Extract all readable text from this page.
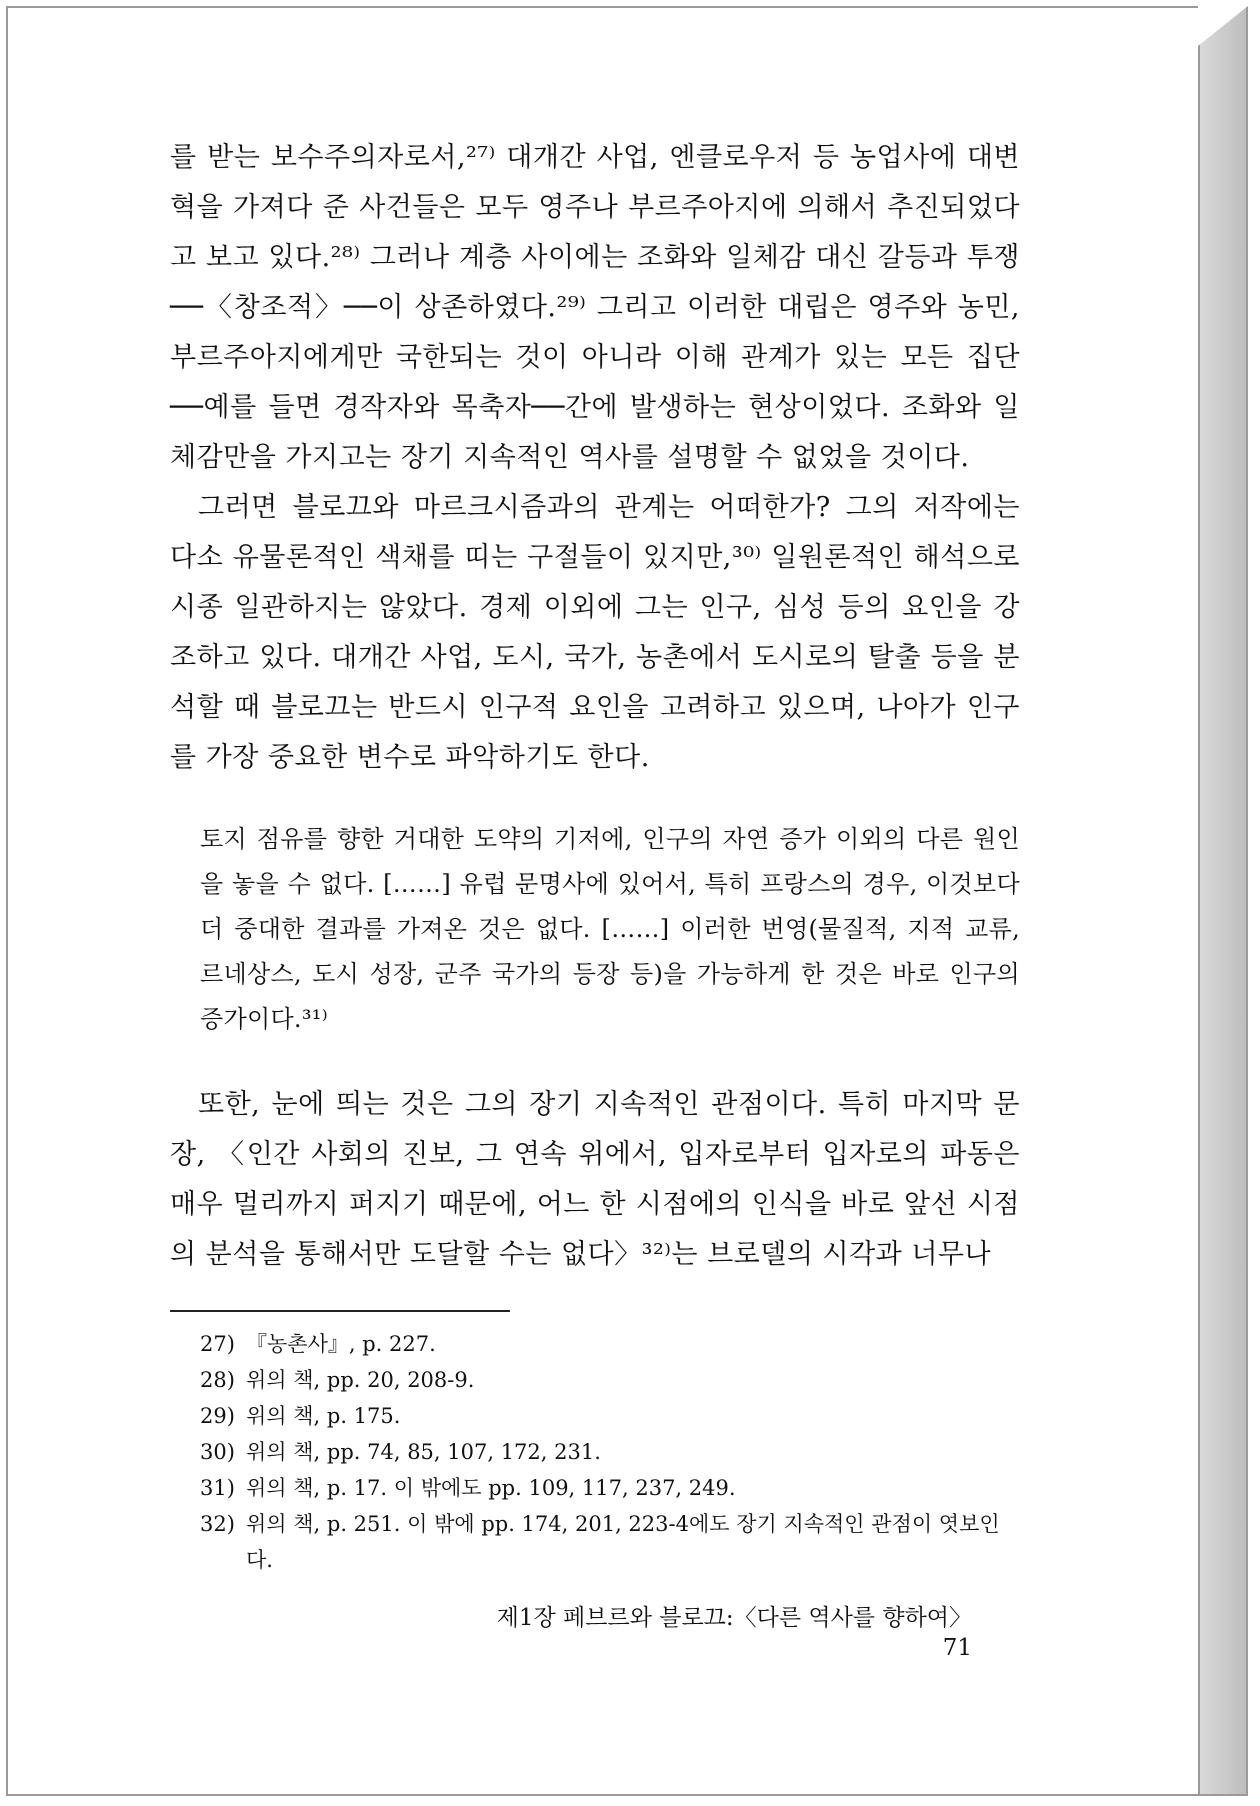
를 받는 보수주의자로서,²⁷⁾ 대개간 사업, 엔클로우저 등 농업사에 대변혁을 가져다 준 사건들은 모두 영주나 부르주아지에 의해서 추진되었다고 보고 있다.²⁸⁾ 그러나 계층 사이에는 조화와 일체감 대신 갈등과 투쟁 ──〈창조적〉──이 상존하였다.²⁹⁾ 그리고 이러한 대립은 영주와 농민, 부르주아지에게만 국한되는 것이 아니라 이해 관계가 있는 모든 집단 ──예를 들면 경작자와 목축자──간에 발생하는 현상이었다. 조화와 일체감만을 가지고는 장기 지속적인 역사를 설명할 수 없었을 것이다.

그러면 블로끄와 마르크시즘과의 관계는 어떠한가? 그의 저작에는 다소 유물론적인 색채를 띠는 구절들이 있지만,³⁰⁾ 일원론적인 해석으로 시종 일관하지는 않았다. 경제 이외에 그는 인구, 심성 등의 요인을 강조하고 있다. 대개간 사업, 도시, 국가, 농촌에서 도시로의 탈출 등을 분석할 때 블로끄는 반드시 인구적 요인을 고려하고 있으며, 나아가 인구를 가장 중요한 변수로 파악하기도 한다.

토지 점유를 향한 거대한 도약의 기저에, 인구의 자연 증가 이외의 다른 원인을 놓을 수 없다. [……] 유럽 문명사에 있어서, 특히 프랑스의 경우, 이것보다 더 중대한 결과를 가져온 것은 없다. [……] 이러한 번영(물질적, 지적 교류, 르네상스, 도시 성장, 군주 국가의 등장 등)을 가능하게 한 것은 바로 인구의 증가이다.³¹⁾

또한, 눈에 띄는 것은 그의 장기 지속적인 관점이다. 특히 마지막 문장, 〈인간 사회의 진보, 그 연속 위에서, 입자로부터 입자로의 파동은 매우 멀리까지 퍼지기 때문에, 어느 한 시점에의 인식을 바로 앞선 시점의 분석을 통해서만 도달할 수는 없다〉³²⁾는 브로델의 시각과 너무나

27) 『농촌사』, p. 227.
28) 위의 책, pp. 20, 208-9.
29) 위의 책, p. 175.
30) 위의 책, pp. 74, 85, 107, 172, 231.
31) 위의 책, p. 17. 이 밖에도 pp. 109, 117, 237, 249.
32) 위의 책, p. 251. 이 밖에 pp. 174, 201, 223-4에도 장기 지속적인 관점이 엿보인다.
제1장 페브르와 블로끄:〈다른 역사를 향하여〉71
